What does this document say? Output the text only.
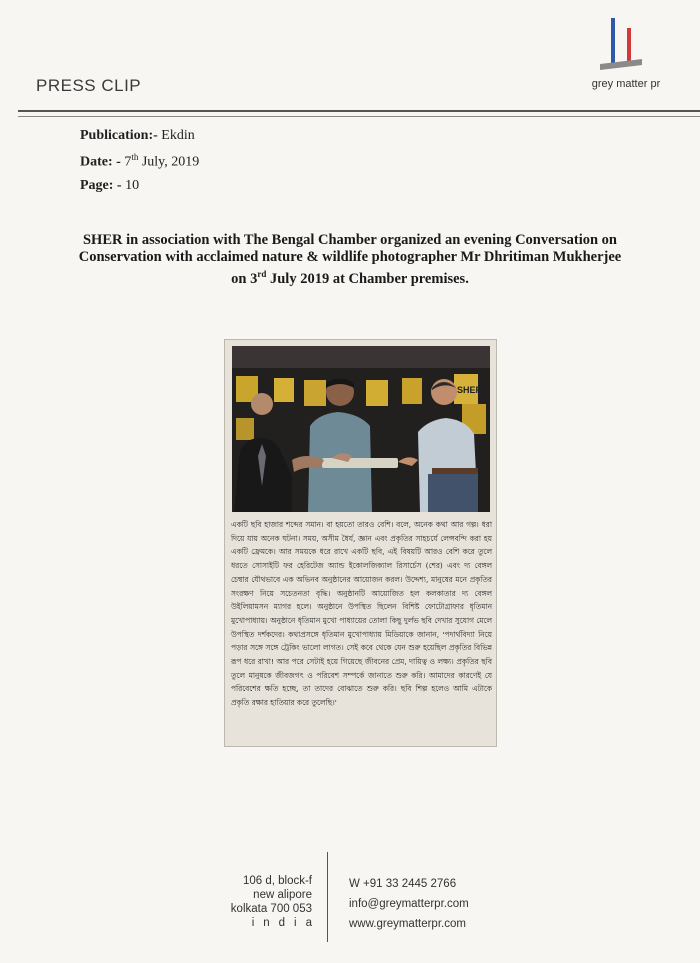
PRESS CLIP	grey matter pr
Publication:- Ekdin
Date: - 7th July, 2019
Page: - 10
SHER in association with The Bengal Chamber organized an evening Conversation on Conservation with acclaimed nature & wildlife photographer Mr Dhritiman Mukherjee on 3rd July 2019 at Chamber premises.
SHER
একটি ছবি হাজার শব্দের সমান। বা হয়তো তারও বেশি। বলে, অনেক কথা আর গল্প। ধরা দিয়ে যায় অনেক ঘটনা। সময়, অসীম ধৈর্য, জ্ঞান এবং প্রকৃতির সাহচর্যে লেন্সবন্দি করা হয় একটি ফ্রেমকে। আর সময়কে ধরে রাখে একটি ছবি, এই বিষয়টি আরও বেশি করে তুলে ধরতে সোসাইটি ফর হেরিটেজ অ্যান্ড ইকোলজিক্যাল রিসার্চেস (শের) এবং দ্য বেঙ্গল চেম্বার যৌথভাবে এক অভিনব অনুষ্ঠানের আয়োজন করল। উদ্দেশ্য, মানুষের মনে প্রকৃতির সংরক্ষণ নিয়ে সচেতনতা বৃদ্ধি। অনুষ্ঠানটি আয়োজিত হল কলকাতার দ্য বেঙ্গল উইলিয়ামসন ম্যাগর হলে। অনুষ্ঠানে উপস্থিত ছিলেন বিশিষ্ট ফোটোগ্রাফার ধৃতিমান মুখোপাধ্যায়। অনুষ্ঠানে ধৃতিমান মুখো পাধ্যায়ের তোলা কিছু দুর্লভ ছবি দেখার সুযোগ মেলে উপস্থিত দর্শকদের। কথাপ্রসঙ্গে ধৃতিমান মুখোপাধ্যায় মিডিয়াকে জানান, 'পদার্থবিদ্যা নিয়ে পড়ার সঙ্গে সঙ্গে ট্রেকিং ভালো লাগত। সেই কবে থেকে যেন শুরু হয়েছিল প্রকৃতির বিভিন্ন রূপ ধরে রাখা! আর পরে সেটাই হয়ে গিয়েছে জীবনের প্রেম, দায়িত্ব ও লক্ষ্য। প্রকৃতির ছবি তুলে মানুষকে জীবজগৎ ও পরিবেশ সম্পর্কে জানাতে শুরু করি। আমাদের কারণেই যে পরিবেশের ক্ষতি হচ্ছে, তা তাদের বোঝাতে শুরু করি। ছবি শিল্প হলেও আমি এটাকে প্রকৃতি রক্ষার হাতিয়ার করে তুলেছি।'
106 d, block-f
new alipore
kolkata 700 053
india
W +91 33 2445 2766
info@greymatterpr.com
www.greymatterpr.com
